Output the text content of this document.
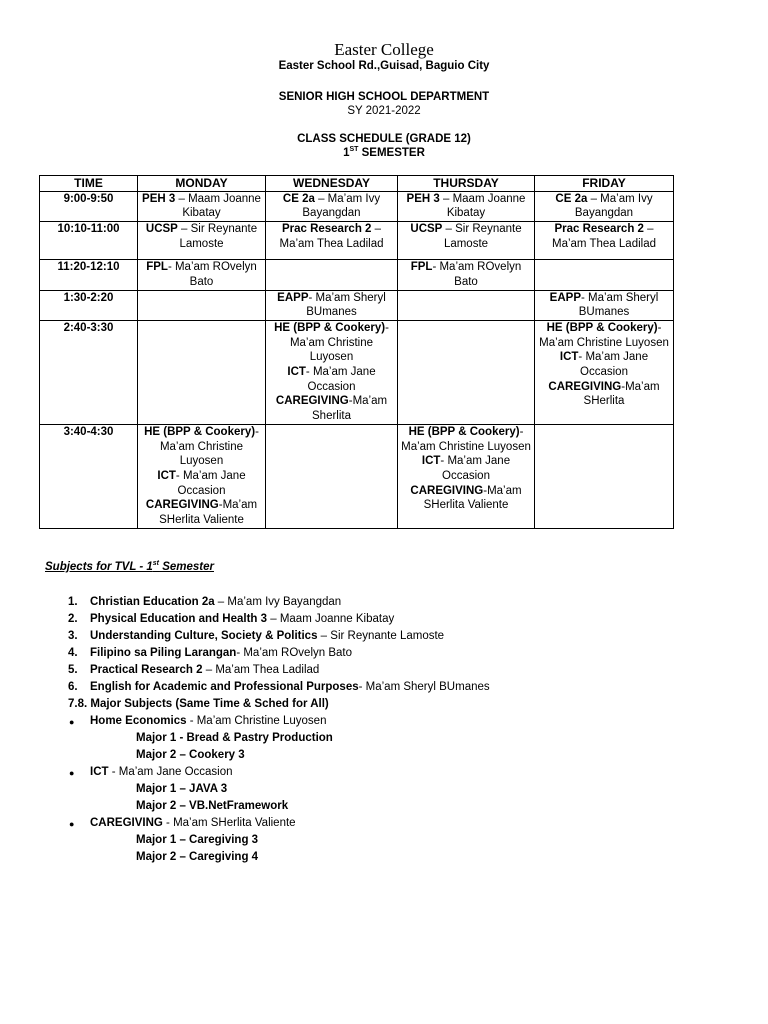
Easter College
Easter School Rd.,Guisad, Baguio City
SENIOR HIGH SCHOOL DEPARTMENT
SY 2021-2022
CLASS SCHEDULE (GRADE 12)
1ST SEMESTER
TIME	MONDAY	WEDNESDAY	THURSDAY	FRIDAY
9:00-9:50	PEH 3 – Maam Joanne Kibatay	CE 2a – Ma’am Ivy Bayangdan	PEH 3 – Maam Joanne Kibatay	CE 2a – Ma’am Ivy Bayangdan
10:10-11:00	UCSP – Sir Reynante Lamoste	Prac Research 2 – Ma’am Thea Ladilad	UCSP – Sir Reynante Lamoste	Prac Research 2 – Ma’am Thea Ladilad
11:20-12:10	FPL- Ma’am ROvelyn Bato		FPL- Ma’am ROvelyn Bato	
1:30-2:20		EAPP- Ma’am Sheryl BUmanes		EAPP- Ma’am Sheryl BUmanes
2:40-3:30		HE (BPP & Cookery)- Ma’am Christine Luyosen
ICT- Ma’am Jane Occasion
CAREGIVING-Ma’am Sherlita		HE (BPP & Cookery)- Ma’am Christine Luyosen
ICT- Ma’am Jane Occasion
CAREGIVING-Ma’am SHerlita
3:40-4:30	HE (BPP & Cookery)- Ma’am Christine Luyosen
ICT- Ma’am Jane Occasion
CAREGIVING-Ma’am SHerlita Valiente		HE (BPP & Cookery)- Ma’am Christine Luyosen
ICT- Ma’am Jane Occasion
CAREGIVING-Ma’am SHerlita Valiente	
Subjects for TVL - 1st Semester
1. Christian Education 2a – Ma’am Ivy Bayangdan
2. Physical Education and Health 3 – Maam Joanne Kibatay
3. Understanding Culture, Society & Politics – Sir Reynante Lamoste
4. Filipino sa Piling Larangan- Ma’am ROvelyn Bato
5. Practical Research 2 – Ma’am Thea Ladilad
6. English for Academic and Professional Purposes- Ma’am Sheryl BUmanes
7.8. Major Subjects (Same Time & Sched for All)
● Home Economics - Ma’am Christine Luyosen
Major 1 - Bread & Pastry Production
Major 2 – Cookery 3
● ICT - Ma’am Jane Occasion
Major 1 – JAVA 3
Major 2 – VB.NetFramework
● CAREGIVING - Ma’am SHerlita Valiente
Major 1 – Caregiving 3
Major 2 – Caregiving 4
